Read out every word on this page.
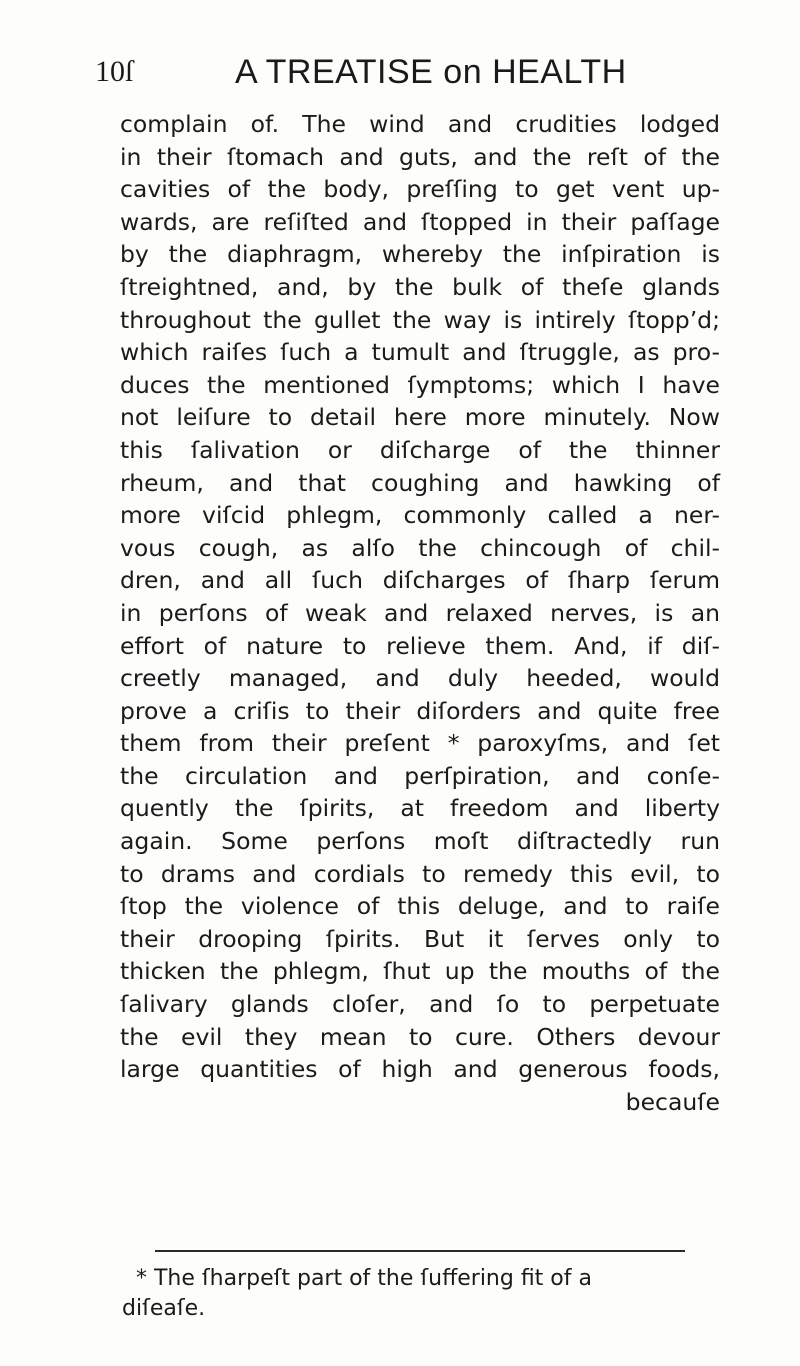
10ſ	A TREATISE on HEALTH
complain of. The wind and crudities lodged
in their ſtomach and guts, and the reſt of the
cavities of the body, preſſing to get vent up-
wards, are reſiſted and ſtopped in their paſſage
by the diaphragm, whereby the inſpiration is
ſtreightned, and, by the bulk of theſe glands
throughout the gullet the way is intirely ſtopp’d;
which raiſes ſuch a tumult and ſtruggle, as pro-
duces the mentioned ſymptoms; which I have
not leiſure to detail here more minutely. Now
this ſalivation or diſcharge of the thinner
rheum, and that coughing and hawking of
more viſcid phlegm, commonly called a ner-
vous cough, as alſo the chincough of chil-
dren, and all ſuch diſcharges of ſharp ſerum
in perſons of weak and relaxed nerves, is an
effort of nature to relieve them. And, if diſ-
creetly managed, and duly heeded, would
prove a criſis to their diſorders and quite free
them from their preſent * paroxyſms, and ſet
the circulation and perſpiration, and conſe-
quently the ſpirits, at freedom and liberty
again. Some perſons moſt diſtractedly run
to drams and cordials to remedy this evil, to
ſtop the violence of this deluge, and to raiſe
their drooping ſpirits. But it ſerves only to
thicken the phlegm, ſhut up the mouths of the
ſalivary glands cloſer, and ſo to perpetuate
the evil they mean to cure. Others devour
large quantities of high and generous foods,
becauſe
* The ſharpeſt part of the ſuffering fit of a
diſeaſe.
